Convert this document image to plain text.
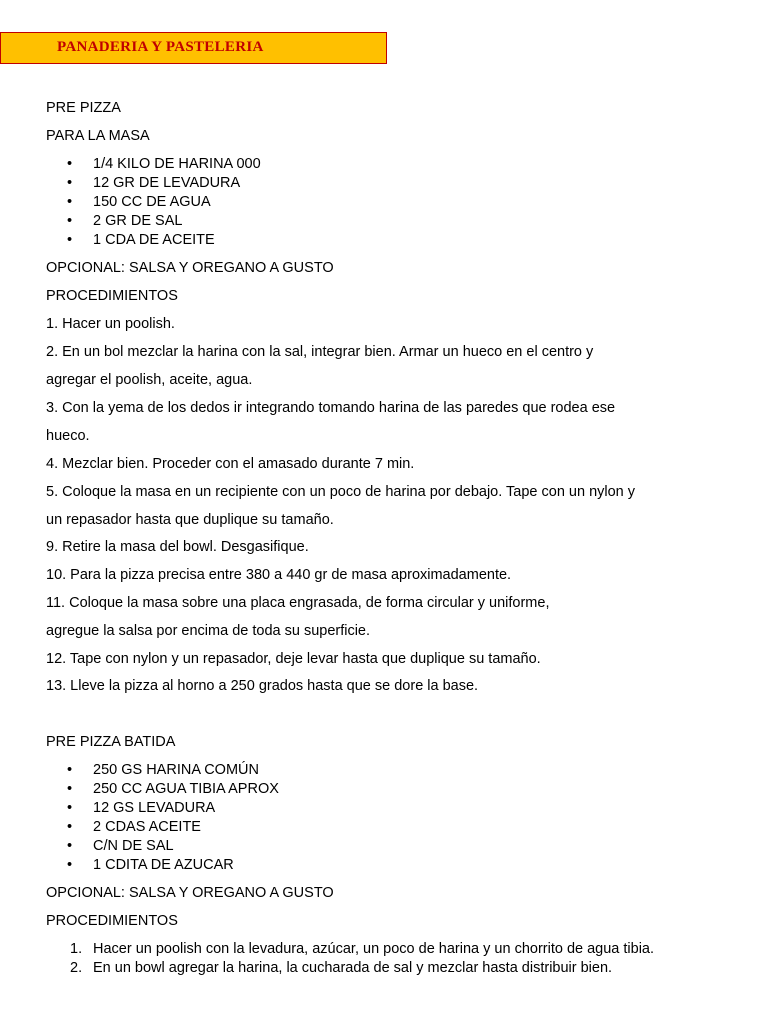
PANADERIA Y PASTELERIA
PRE PIZZA
PARA LA MASA
• 1/4 KILO DE HARINA 000
• 12 GR DE LEVADURA
• 150 CC DE AGUA
• 2 GR DE SAL
• 1 CDA DE ACEITE
OPCIONAL: SALSA Y OREGANO A GUSTO
PROCEDIMIENTOS
1. Hacer un poolish.
2. En un bol mezclar la harina con la sal, integrar bien. Armar un hueco en el centro y
agregar el poolish, aceite, agua.
3. Con la yema de los dedos ir integrando tomando harina de las paredes que rodea ese
hueco.
4. Mezclar bien. Proceder con el amasado durante 7 min.
5. Coloque la masa en un recipiente con un poco de harina por debajo. Tape con un nylon y
un repasador hasta que duplique su tamaño.
9. Retire la masa del bowl. Desgasifique.
10. Para la pizza precisa entre 380 a 440 gr de masa aproximadamente.
11. Coloque la masa sobre una placa engrasada, de forma circular y uniforme,
agregue la salsa por encima de toda su superficie.
12. Tape con nylon y un repasador, deje levar hasta que duplique su tamaño.
13. Lleve la pizza al horno a 250 grados hasta que se dore la base.
PRE PIZZA BATIDA
• 250 GS HARINA COMÚN
• 250 CC AGUA TIBIA APROX
• 12 GS LEVADURA
• 2 CDAS ACEITE
• C/N DE SAL
• 1 CDITA DE AZUCAR
OPCIONAL: SALSA Y OREGANO A GUSTO
PROCEDIMIENTOS
1. Hacer un poolish con la levadura, azúcar, un poco de harina y un chorrito de agua tibia.
2. En un bowl agregar la harina, la cucharada de sal y mezclar hasta distribuir bien.
